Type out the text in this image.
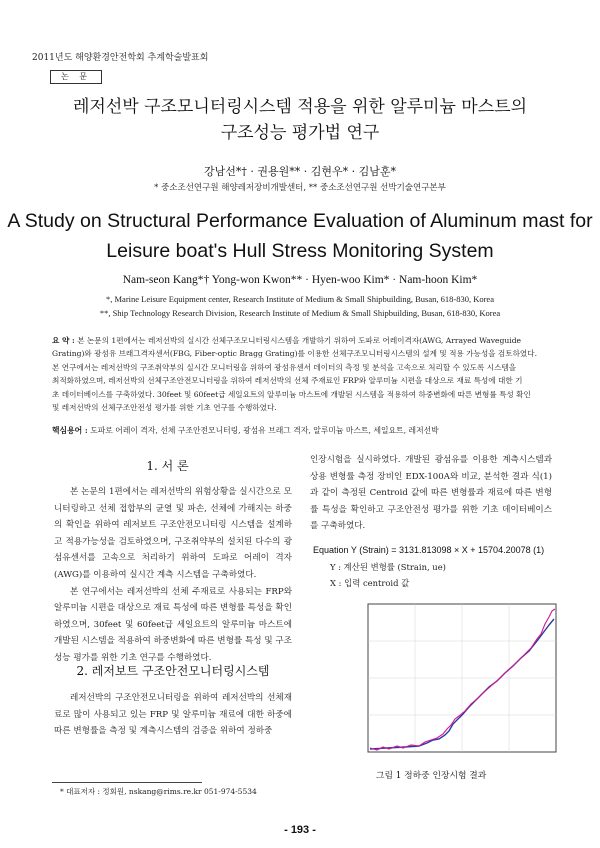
2011년도 해양환경안전학회 추계학술발표회
논 문
레저선박 구조모니터링시스템 적용을 위한 알루미늄 마스트의
구조성능 평가법 연구
강남선*† · 권용원** · 김현우* · 김남훈*
* 중소조선연구원 해양레저장비개발센터, ** 중소조선연구원 선박기술연구본부
A Study on Structural Performance Evaluation of Aluminum mast for
Leisure boat's Hull Stress Monitoring System
Nam-seon Kang*† Yong-won Kwon** · Hyen-woo Kim* · Nam-hoon Kim*
*, Marine Leisure Equipment center, Research Institute of Medium & Small Shipbuilding, Busan, 618-830, Korea
**, Ship Technology Research Division, Research Institute of Medium & Small Shipbuilding, Busan, 618-830, Korea
요 약 : 본 논문의 1편에서는 레저선박의 실시간 선체구조모니터링시스템을 개발하기 위하여 도파로 어레이격자(AWG, Arrayed Waveguide
Grating)와 광섬유 브래그격자센서(FBG, Fiber-optic Bragg Grating)를 이용한 선체구조모니터링시스템의 설계 및 적용 가능성을 검토하였다.
본 연구에서는 레저선박의 구조취약부의 실시간 모니터링을 위하여 광섬유센서 데이터의 측정 및 분석을 고속으로 처리할 수 있도록 시스템을
최적화하였으며, 레저선박의 선체구조안전모니터링을 위하여 레저선박의 선체 주재료인 FRP와 알루미늄 시편을 대상으로 재료 특성에 대한 기
초 데이터베이스를 구축하였다. 30feet 및 60feet급 세일요트의 알루미늄 마스트에 개발된 시스템을 적용하여 하중변화에 따른 변형률 특성 확인
및 레저선박의 선체구조안전성 평가를 위한 기초 연구를 수행하였다.
핵심용어 : 도파로 어레이 격자, 선체 구조안전모니터링, 광섬유 브래그 격자, 알루미늄 마스트, 세일요트, 레저선박
1. 서 론

본 논문의 1편에서는 레저선박의 위험상황을 실시간으로 모니터링하고 선체 접합부의 균열 및 파손, 선체에 가해지는 하중의 확인을 위하여 레저보트 구조안전모니터링 시스템을 설계하고 적용가능성을 검토하였으며, 구조취약부의 설치된 다수의 광섬유센서를 고속으로 처리하기 위하여 도파로 어레이 격자(AWG)를 이용하여 실시간 계측 시스템을 구축하였다.

본 연구에서는 레저선박의 선체 주재료로 사용되는 FRP와 알루미늄 시편을 대상으로 재료 특성에 따른 변형률 특성을 확인하였으며, 30feet 및 60feet급 세일요트의 알루미늄 마스트에 개발된 시스템을 적용하여 하중변화에 따른 변형률 특성 및 구조성능 평가를 위한 기초 연구를 수행하였다.

2. 레저보트 구조안전모니터링시스템

레저선박의 구조안전모니터링을 위하여 레저선박의 선체재료로 많이 사용되고 있는 FRP 및 알루미늄 재료에 대한 하중에 따른 변형률을 측정 및 계측시스템의 검증을 위하여 정하중

인장시험을 실시하였다. 개발된 광섬유를 이용한 계측시스템과 상용 변형률 측정 장비인 EDX-100A와 비교, 분석한 결과 식(1)과 같이 측정된 Centroid 값에 따른 변형률과 재료에 따른 변형률 특성을 확인하고 구조안전성 평가를 위한 기초 데이터베이스를 구축하였다.

Equation Y (Strain) = 3131.813098 × X + 15704.20078 (1)
Y : 계산된 변형률 (Strain, ue)
X : 입력 centroid 값
그림 1 정하중 인장시험 결과
* 대표저자 : 정회원, nskang@rims.re.kr 051-974-5534
- 193 -
